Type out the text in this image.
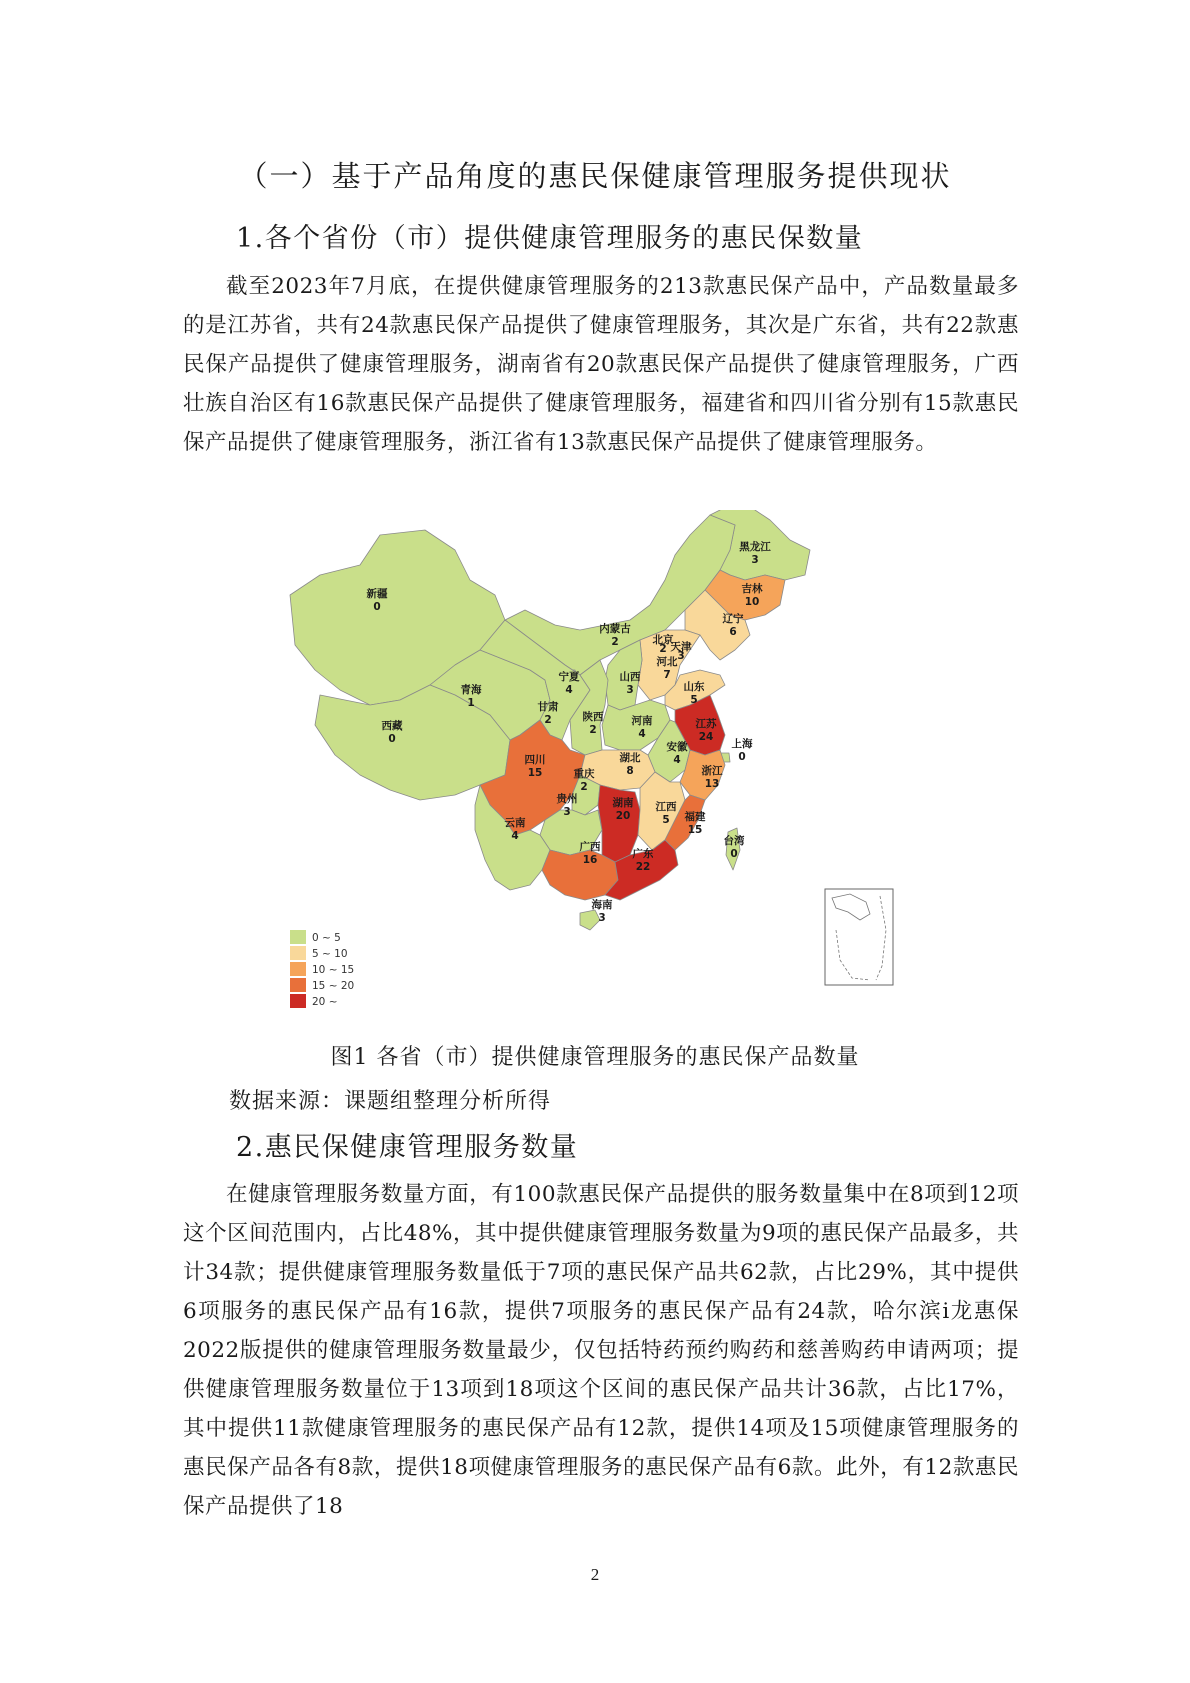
（一）基于产品角度的惠民保健康管理服务提供现状
1.各个省份（市）提供健康管理服务的惠民保数量

截至2023年7月底，在提供健康管理服务的213款惠民保产品中，产品数量最多的是江苏省，共有24款惠民保产品提供了健康管理服务，其次是广东省，共有22款惠民保产品提供了健康管理服务，湖南省有20款惠民保产品提供了健康管理服务，广西壮族自治区有16款惠民保产品提供了健康管理服务，福建省和四川省分别有15款惠民保产品提供了健康管理服务，浙江省有13款惠民保产品提供了健康管理服务。

黑龙江
3
吉林
10
辽宁
6
内蒙古
2	北京
2 天津
3
河北
7
新疆
0
宁夏
4
山西
3	山东
5
青海
1	甘肃
2	陕西
2
河南
4
江苏
24
西藏
0
安徽
4
上海
0
四川
15
湖北
8
重庆
2
浙江
13
贵州
3
湖南
20
江西
5 福建
15
云南
4	台湾
0
广西
16	广东
22
海南
3
0 ~ 5
5 ~ 10
10 ~ 15
15 ~ 20
20 ~
图1 各省（市）提供健康管理服务的惠民保产品数量
数据来源：课题组整理分析所得
2.惠民保健康管理服务数量

在健康管理服务数量方面，有100款惠民保产品提供的服务数量集中在8项到12项这个区间范围内，占比48%，其中提供健康管理服务数量为9项的惠民保产品最多，共计34款；提供健康管理服务数量低于7项的惠民保产品共62款，占比29%，其中提供6项服务的惠民保产品有16款，提供7项服务的惠民保产品有24款，哈尔滨i龙惠保2022版提供的健康管理服务数量最少，仅包括特药预约购药和慈善购药申请两项；提供健康管理服务数量位于13项到18项这个区间的惠民保产品共计36款，占比17%，其中提供11款健康管理服务的惠民保产品有12款，提供14项及15项健康管理服务的惠民保产品各有8款，提供18项健康管理服务的惠民保产品有6款。此外，有12款惠民保产品提供了18

2
